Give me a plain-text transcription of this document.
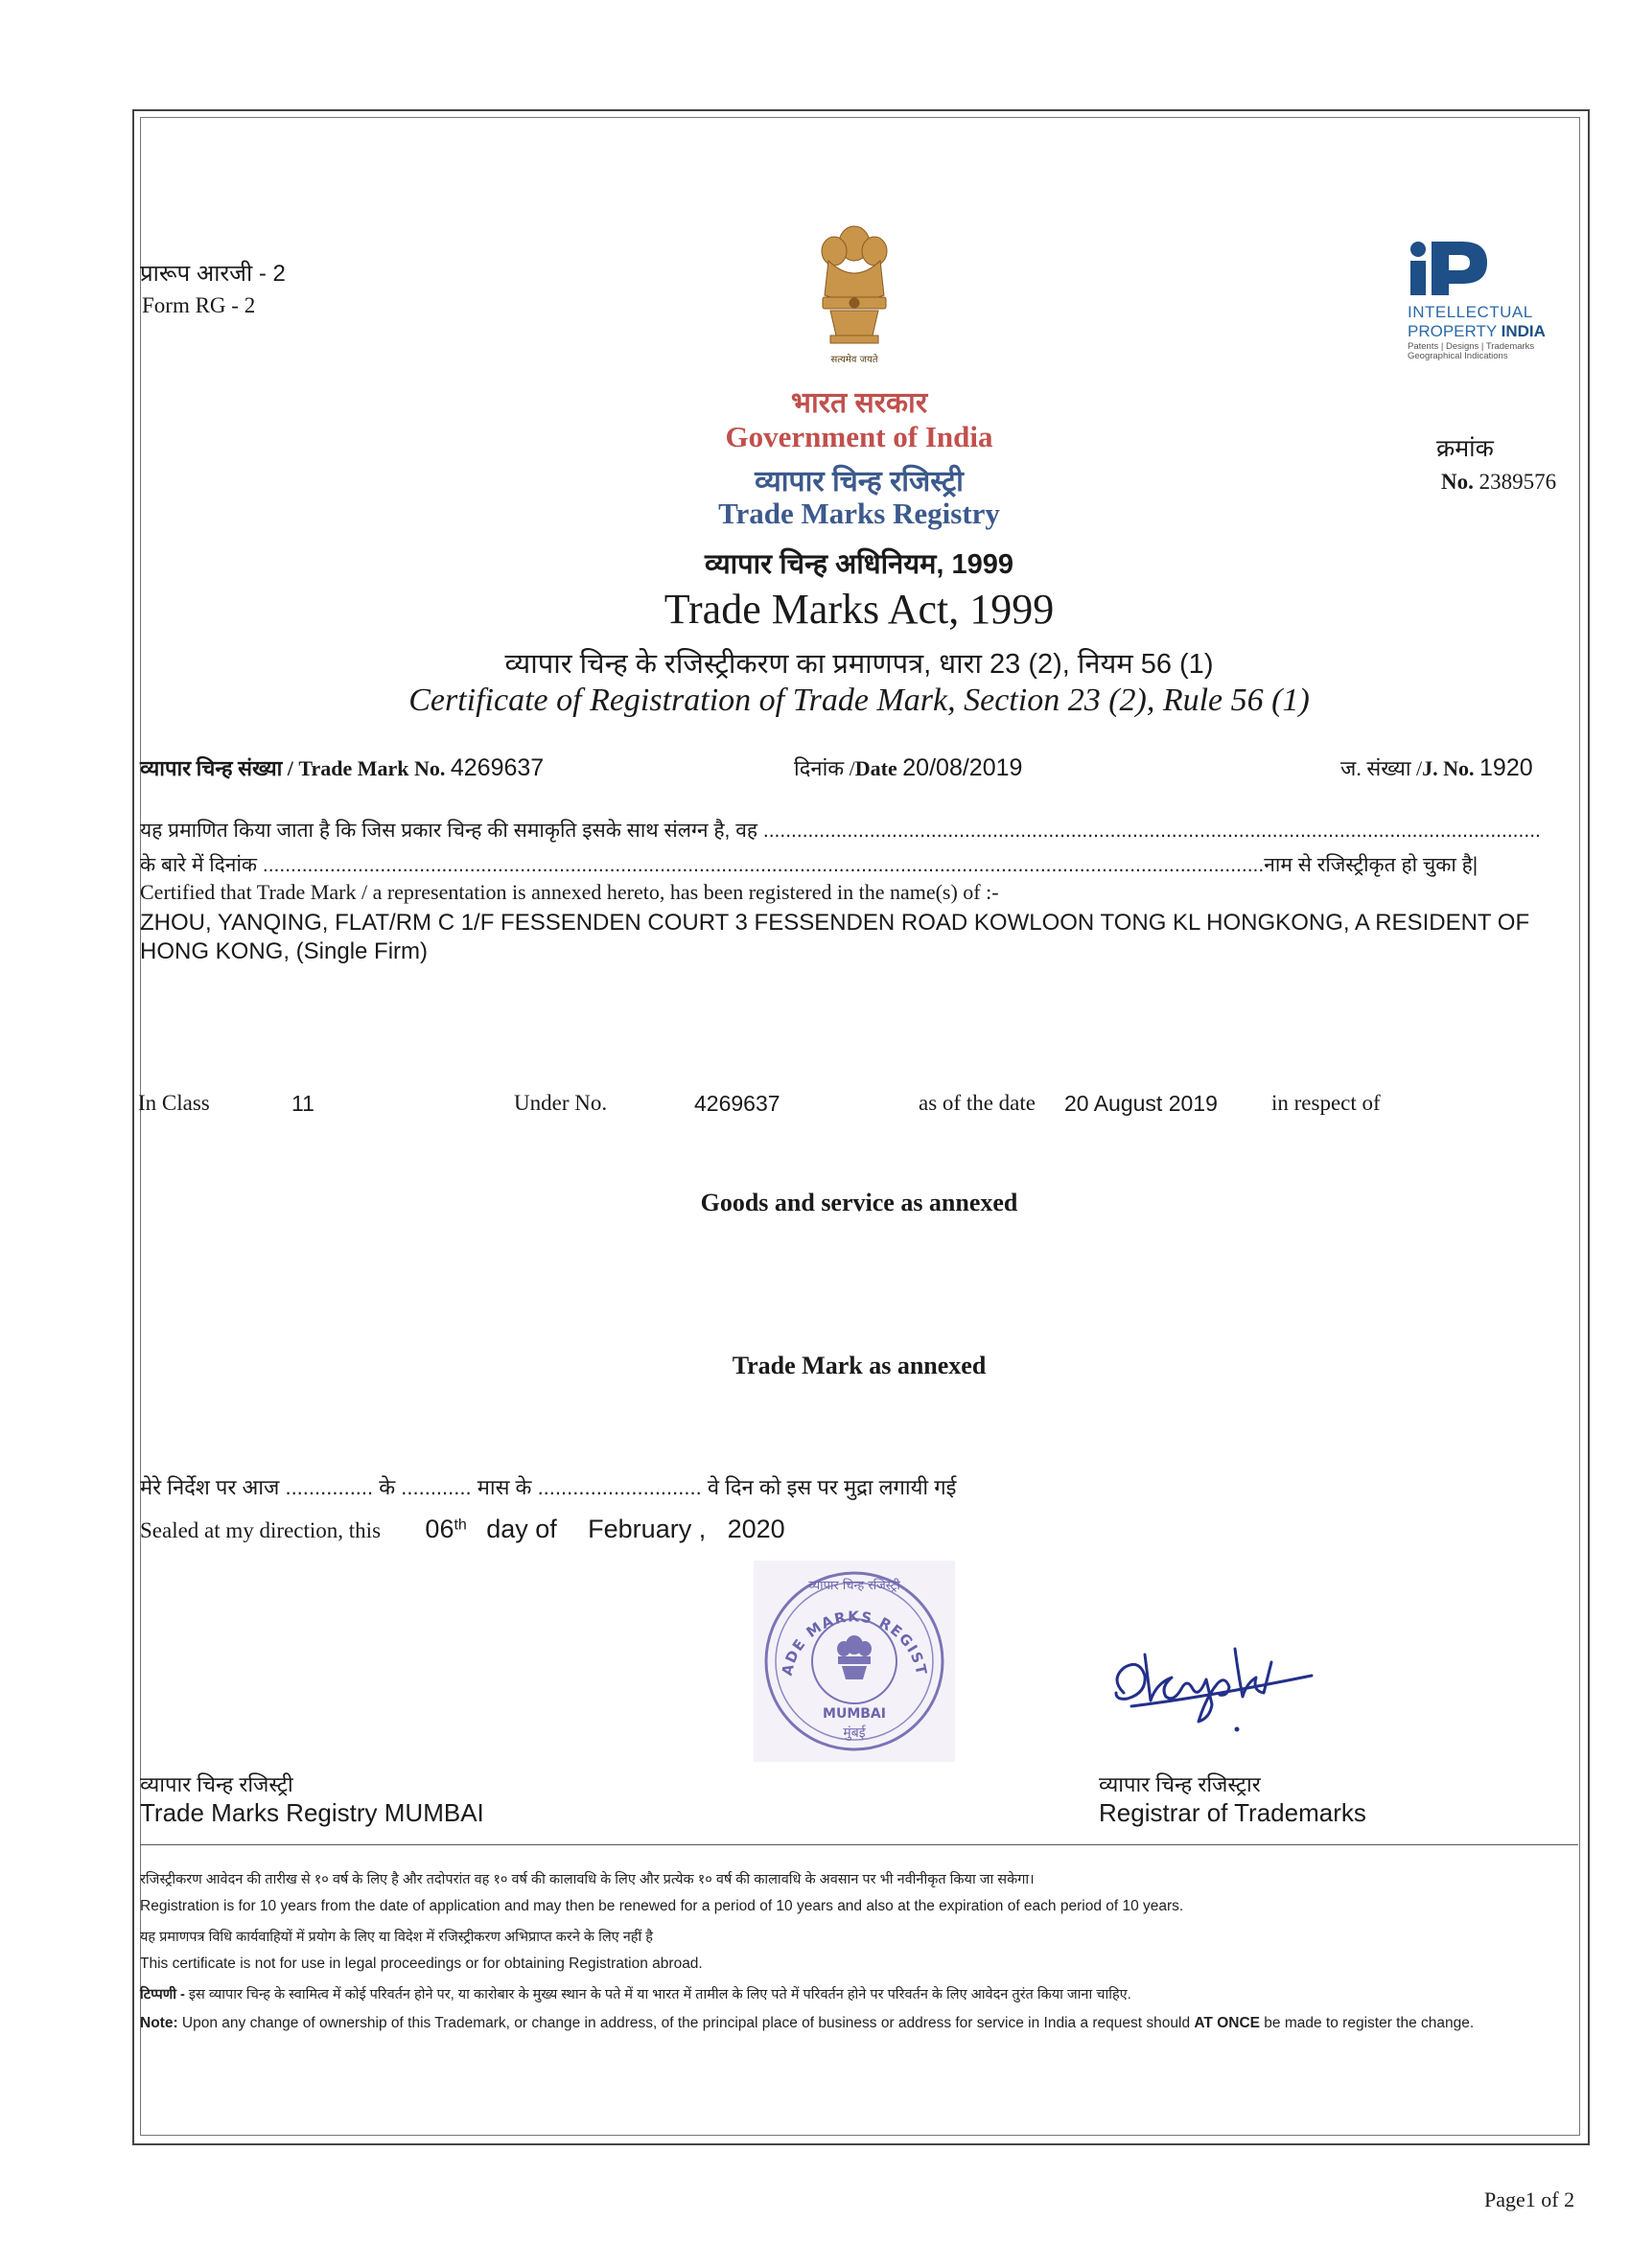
प्रारूप आरजी - 2
Form RG - 2
सत्यमेव जयते
INTELLECTUAL
PROPERTY INDIA
Patents | Designs | Trademarks
Geographical Indications
भारत सरकार
Government of India
व्यापार चिन्ह रजिस्ट्री
Trade Marks Registry
व्यापार चिन्ह अधिनियम, 1999
Trade Marks Act, 1999
व्यापार चिन्ह के रजिस्ट्रीकरण का प्रमाणपत्र, धारा 23 (2), नियम 56 (1)
Certificate of Registration of Trade Mark, Section 23 (2), Rule 56 (1)
क्रमांक
No. 2389576
व्यापार चिन्ह संख्या / Trade Mark No. 4269637	दिनांक /Date 20/08/2019	ज. संख्या /J. No. 1920
यह प्रमाणित किया जाता है कि जिस प्रकार चिन्ह की समाकृति इसके साथ संलग्न है, वह ...........................................................................................................................................
के बारे में दिनांक ...................................................................................................................................................................................नाम से रजिस्ट्रीकृत हो चुका है|
Certified that Trade Mark / a representation is annexed hereto, has been registered in the name(s) of :-
ZHOU, YANQING, FLAT/RM C 1/F FESSENDEN COURT 3 FESSENDEN ROAD KOWLOON TONG KL HONGKONG, A RESIDENT OF HONG KONG, (Single Firm)
In Class	11	Under No.	4269637	as of the date 20 August 2019 in respect of
Goods and service as annexed
Trade Mark as annexed
मेरे निर्देश पर आज ............... के ............ मास के ............................ वे दिन को इस पर मुद्रा लगायी गई
Sealed at my direction, this 06th day of February , 2020
ADE MARKS REGIST
व्यापार चिन्ह रजिस्ट्री
MUMBAI
मुंबई
व्यापार चिन्ह रजिस्ट्री
Trade Marks Registry MUMBAI
व्यापार चिन्ह रजिस्ट्रार
Registrar of Trademarks
रजिस्ट्रीकरण आवेदन की तारीख से १० वर्ष के लिए है और तदोपरांत वह १० वर्ष की कालावधि के लिए और प्रत्येक १० वर्ष की कालावधि के अवसान पर भी नवीनीकृत किया जा सकेगा।
Registration is for 10 years from the date of application and may then be renewed for a period of 10 years and also at the expiration of each period of 10 years.
यह प्रमाणपत्र विधि कार्यवाहियों में प्रयोग के लिए या विदेश में रजिस्ट्रीकरण अभिप्राप्त करने के लिए नहीं है
This certificate is not for use in legal proceedings or for obtaining Registration abroad.
टिप्पणी - इस व्यापार चिन्ह के स्वामित्व में कोई परिवर्तन होने पर, या कारोबार के मुख्य स्थान के पते में या भारत में तामील के लिए पते में परिवर्तन होने पर परिवर्तन के लिए आवेदन तुरंत किया जाना चाहिए.
Note: Upon any change of ownership of this Trademark, or change in address, of the principal place of business or address for service in India a request should AT ONCE be made to register the change.
Page1 of 2
